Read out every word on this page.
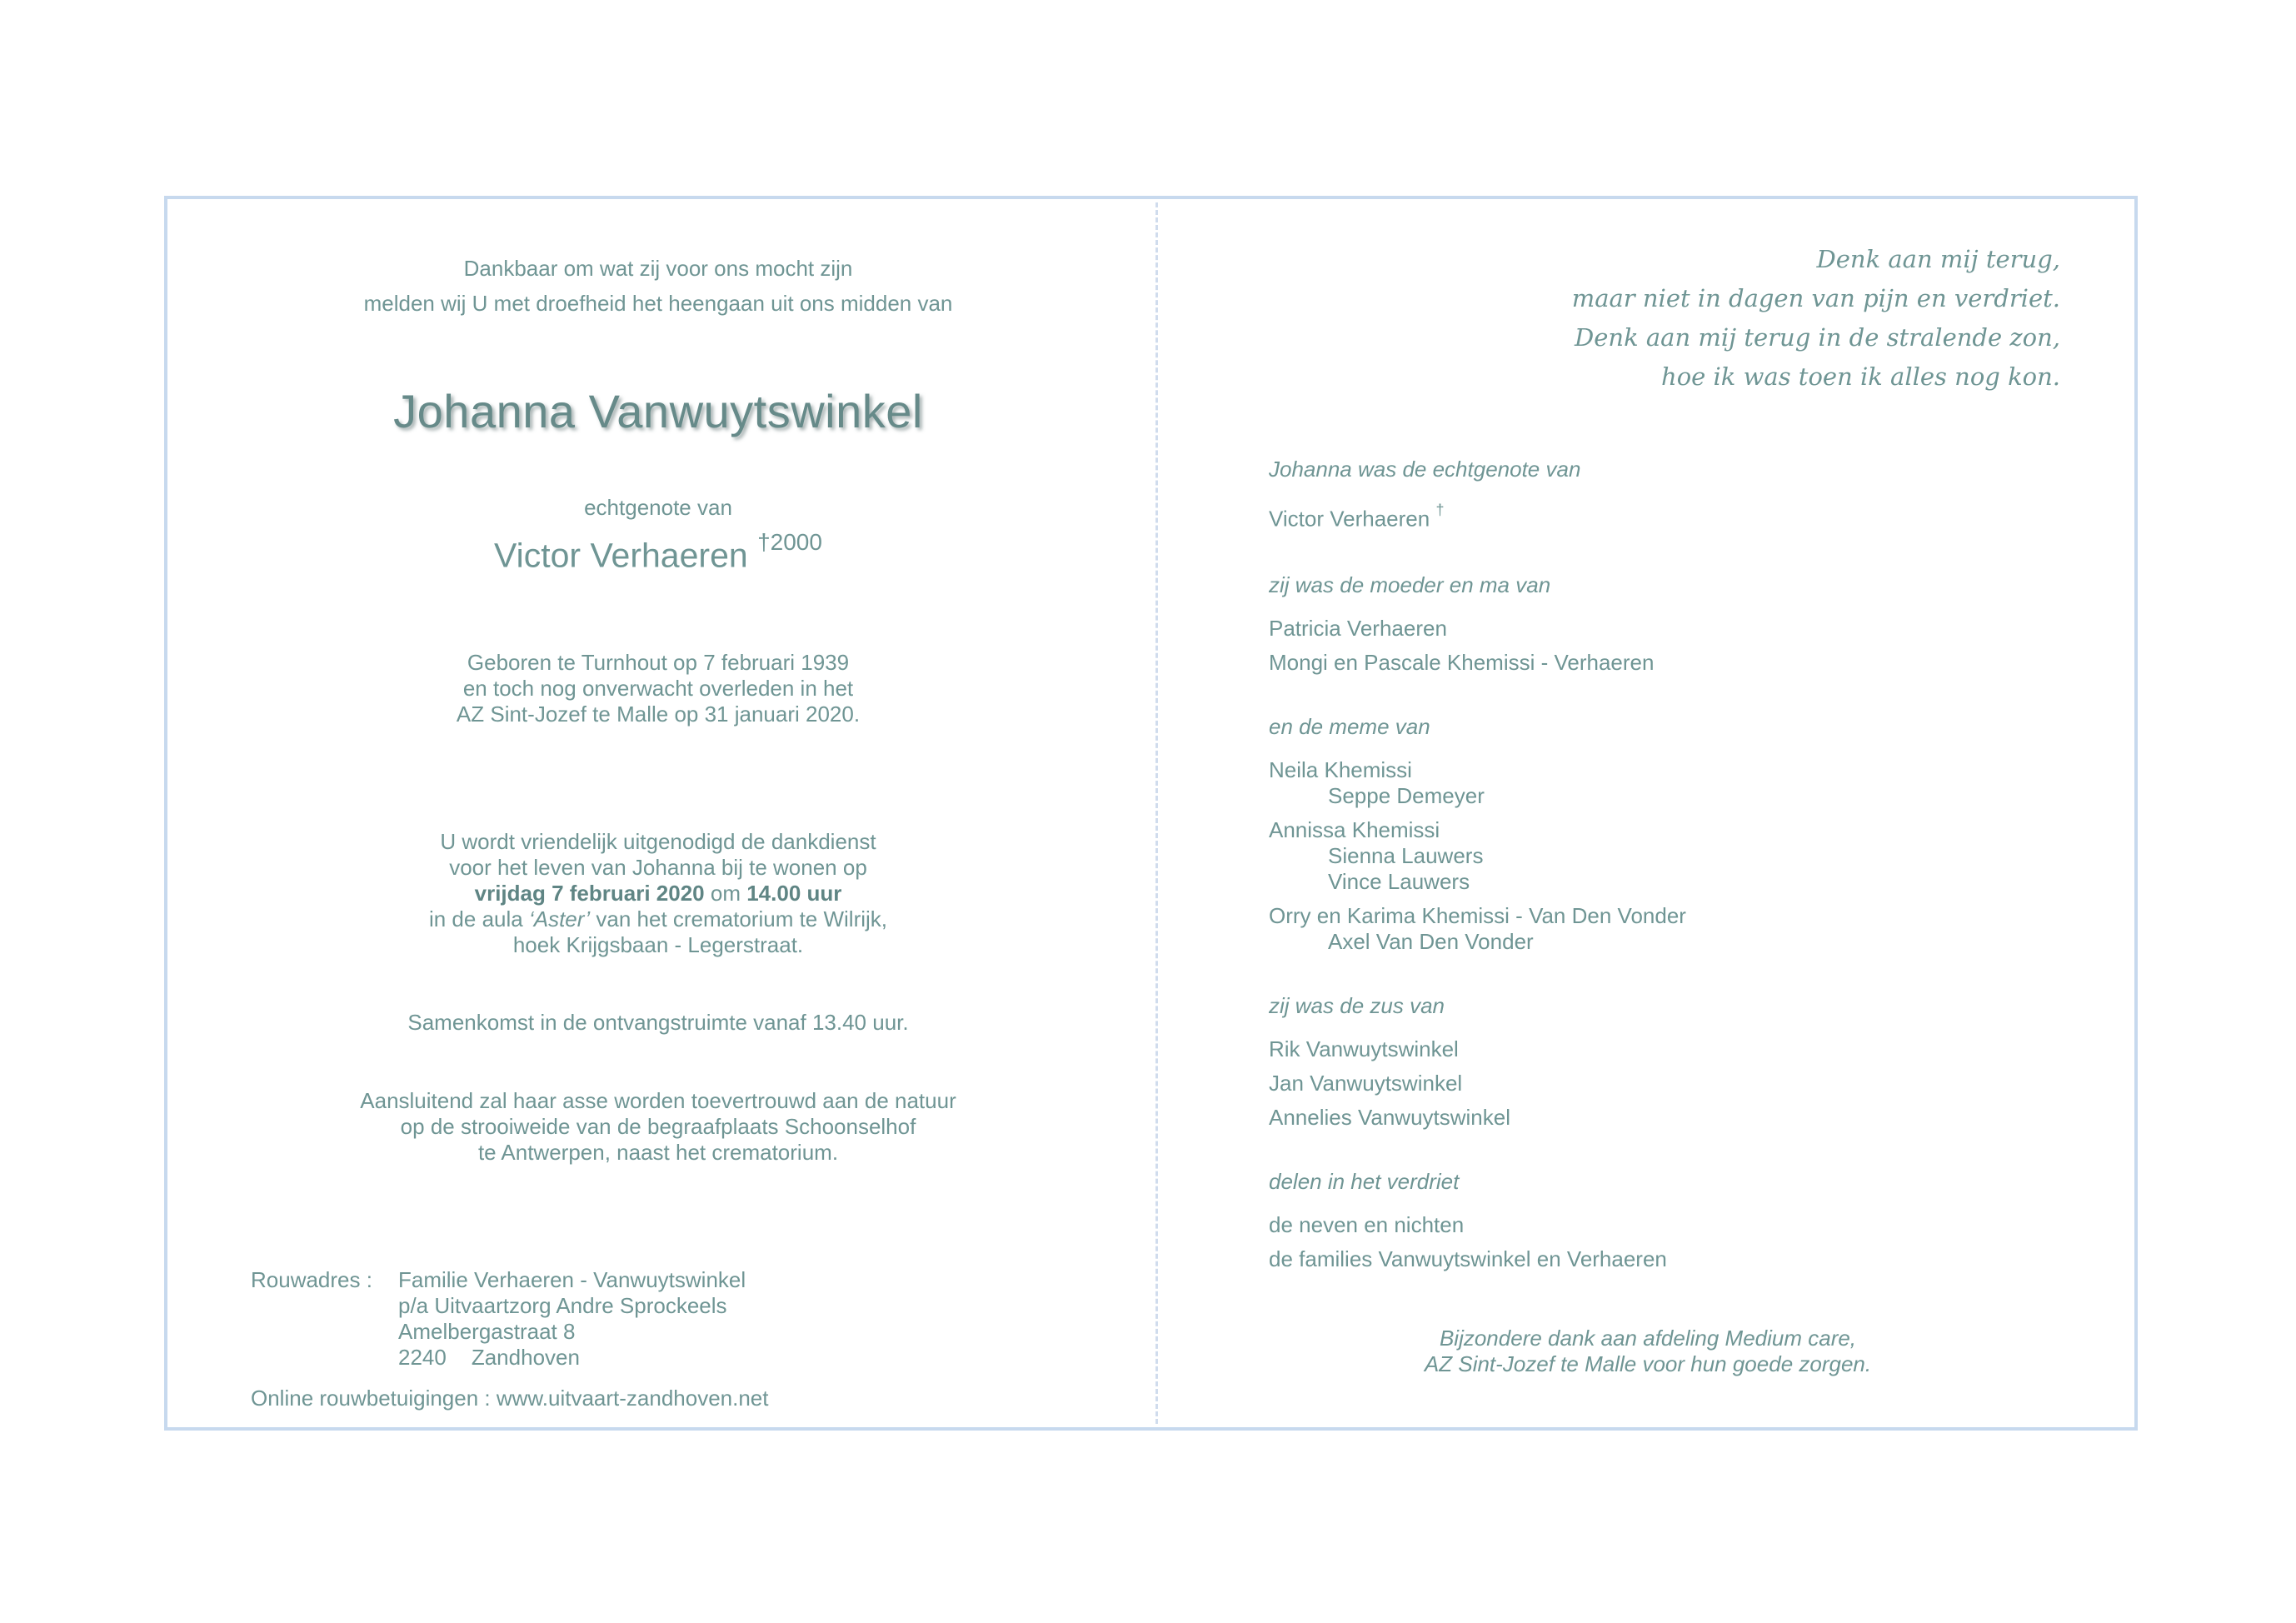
Dankbaar om wat zij voor ons mocht zijn
melden wij U met droefheid het heengaan uit ons midden van
Johanna Vanwuytswinkel
echtgenote van
Victor Verhaeren $^{\dagger 2000}$
Geboren te Turnhout op 7 februari 1939
en toch nog onverwacht overleden in het
AZ Sint-Jozef te Malle op 31 januari 2020.
U wordt vriendelijk uitgenodigd de dankdienst
voor het leven van Johanna bij te wonen op
vrijdag 7 februari 2020 om 14.00 uur
in de aula ‘Aster’ van het crematorium te Wilrijk,
hoek Krijgsbaan - Legerstraat.
Samenkomst in de ontvangstruimte vanaf 13.40 uur.
Aansluitend zal haar asse worden toevertrouwd aan de natuur
op de strooiweide van de begraafplaats Schoonselhof
te Antwerpen, naast het crematorium.
Rouwadres : Familie Verhaeren - Vanwuytswinkel
p/a Uitvaartzorg Andre Sprockeels
Amelbergastraat 8
2240 Zandhoven
Online rouwbetuigingen : www.uitvaart-zandhoven.net
Denk aan mij terug,
maar niet in dagen van pijn en verdriet.
Denk aan mij terug in de stralende zon,
hoe ik was toen ik alles nog kon.
Johanna was de echtgenote van
Victor Verhaeren †
zij was de moeder en ma van
Patricia Verhaeren
Mongi en Pascale Khemissi - Verhaeren
en de meme van
Neila Khemissi
Seppe Demeyer
Annissa Khemissi
Sienna Lauwers
Vince Lauwers
Orry en Karima Khemissi - Van Den Vonder
Axel Van Den Vonder
zij was de zus van
Rik Vanwuytswinkel
Jan Vanwuytswinkel
Annelies Vanwuytswinkel
delen in het verdriet
de neven en nichten
de families Vanwuytswinkel en Verhaeren
Bijzondere dank aan afdeling Medium care,
AZ Sint-Jozef te Malle voor hun goede zorgen.
